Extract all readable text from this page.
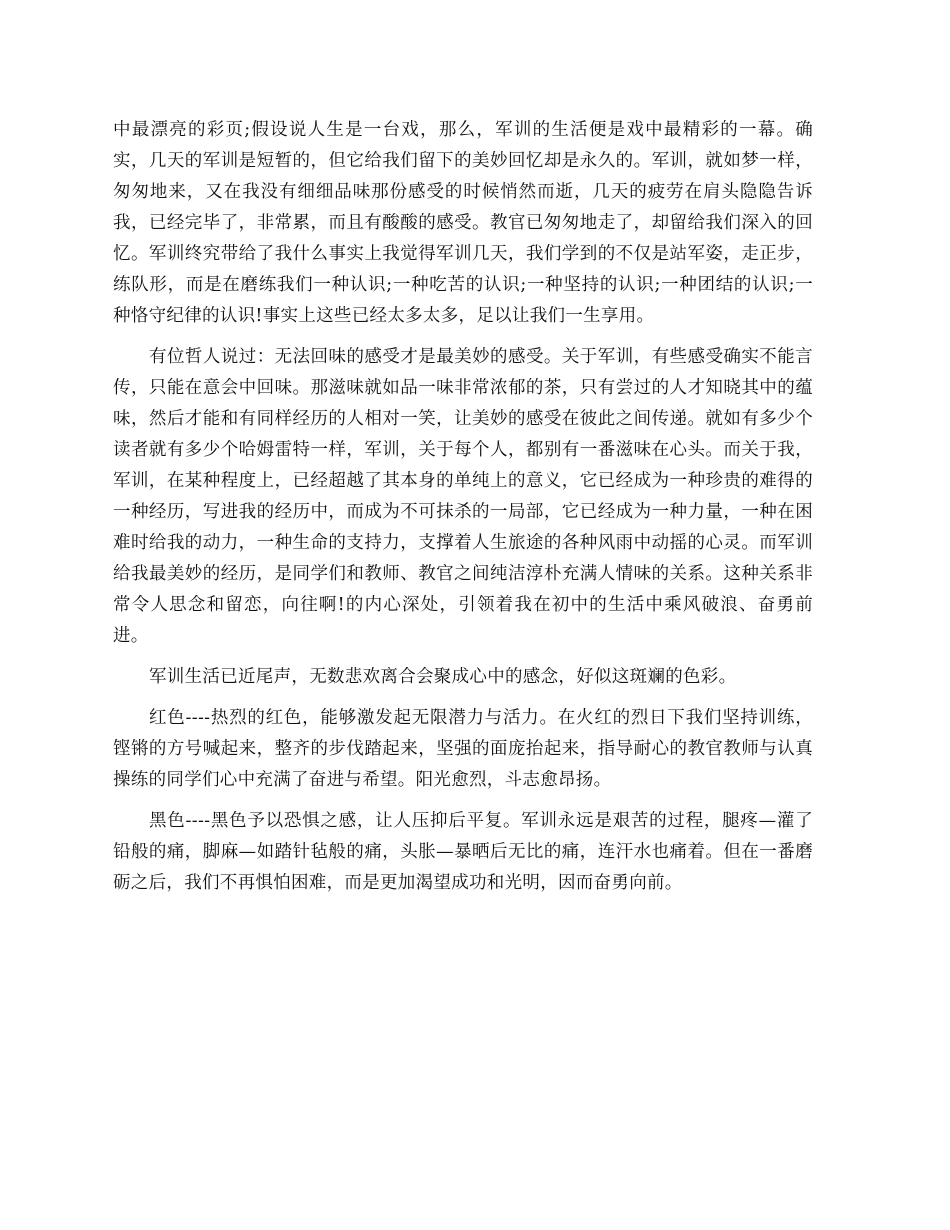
中最漂亮的彩页;假设说人生是一台戏，那么，军训的生活便是戏中最精彩的一幕。确实，几天的军训是短暂的，但它给我们留下的美妙回忆却是永久的。军训，就如梦一样，匆匆地来，又在我没有细细品味那份感受的时候悄然而逝，几天的疲劳在肩头隐隐告诉我，已经完毕了，非常累，而且有酸酸的感受。教官已匆匆地走了，却留给我们深入的回忆。军训终究带给了我什么事实上我觉得军训几天，我们学到的不仅是站军姿，走正步，练队形，而是在磨练我们一种认识;一种吃苦的认识;一种坚持的认识;一种团结的认识;一种恪守纪律的认识!事实上这些已经太多太多，足以让我们一生享用。

有位哲人说过：无法回味的感受才是最美妙的感受。关于军训，有些感受确实不能言传，只能在意会中回味。那滋味就如品一味非常浓郁的茶，只有尝过的人才知晓其中的蕴味，然后才能和有同样经历的人相对一笑，让美妙的感受在彼此之间传递。就如有多少个读者就有多少个哈姆雷特一样，军训，关于每个人，都别有一番滋味在心头。而关于我，军训，在某种程度上，已经超越了其本身的单纯上的意义，它已经成为一种珍贵的难得的一种经历，写进我的经历中，而成为不可抹杀的一局部，它已经成为一种力量，一种在困难时给我的动力，一种生命的支持力，支撑着人生旅途的各种风雨中动摇的心灵。而军训给我最美妙的经历，是同学们和教师、教官之间纯洁淳朴充满人情味的关系。这种关系非常令人思念和留恋，向往啊!的内心深处，引领着我在初中的生活中乘风破浪、奋勇前进。

军训生活已近尾声，无数悲欢离合会聚成心中的感念，好似这斑斓的色彩。

红色----热烈的红色，能够激发起无限潜力与活力。在火红的烈日下我们坚持训练，铿锵的方号喊起来，整齐的步伐踏起来，坚强的面庞抬起来，指导耐心的教官教师与认真操练的同学们心中充满了奋进与希望。阳光愈烈，斗志愈昂扬。

黑色----黑色予以恐惧之感，让人压抑后平复。军训永远是艰苦的过程，腿疼—灌了铅般的痛，脚麻—如踏针毡般的痛，头胀—暴晒后无比的痛，连汗水也痛着。但在一番磨砺之后，我们不再惧怕困难，而是更加渴望成功和光明，因而奋勇向前。
